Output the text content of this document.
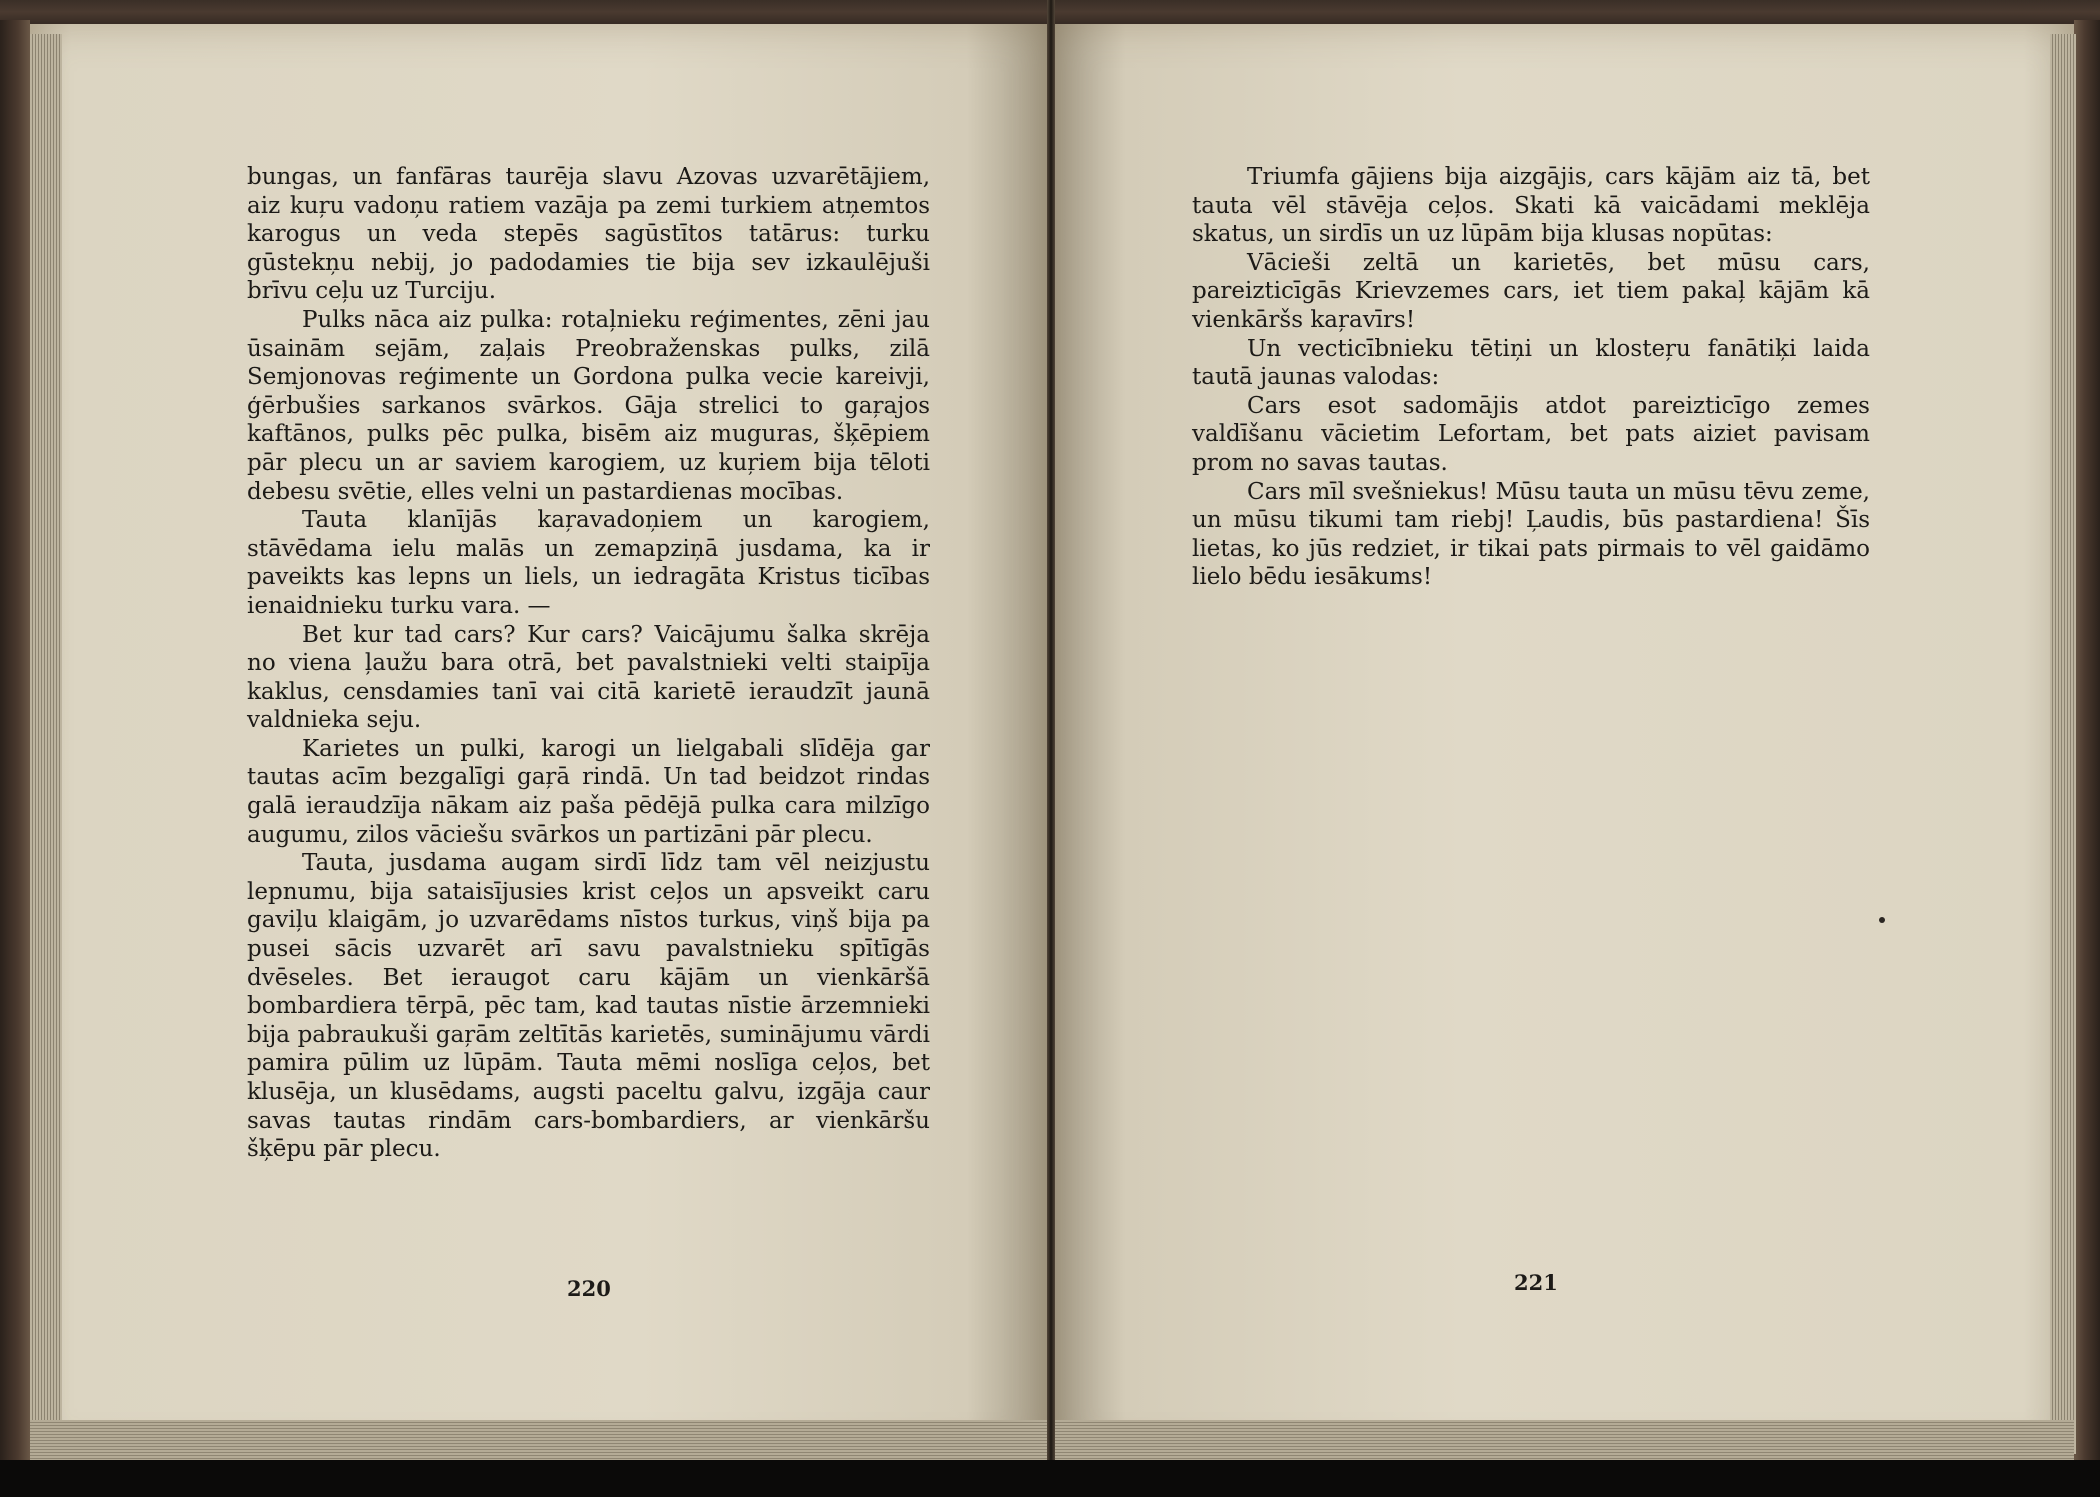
bungas, un fanfāras taurēja slavu Azovas uzvarētājiem, aiz kuŗu vadoņu ratiem vazāja pa zemi turkiem atņemtos karogus un veda stepēs sagūstītos tatārus: turku gūstekņu nebij, jo padodamies tie bija sev izkaulējuši brīvu ceļu uz Turciju.

Pulks nāca aiz pulka: rotaļnieku reģimentes, zēni jau ūsainām sejām, zaļais Preobraženskas pulks, zilā Semjonovas reģimente un Gordona pulka vecie kareivji, ģērbušies sarkanos svārkos. Gāja strelici to gaŗajos kaftānos, pulks pēc pulka, bisēm aiz muguras, šķēpiem pār plecu un ar saviem karogiem, uz kuŗiem bija tēloti debesu svētie, elles velni un pastardienas mocības.

Tauta klanījās kaŗavadoņiem un karogiem, stāvēdama ielu malās un zemapziņā jusdama, ka ir paveikts kas lepns un liels, un iedragāta Kristus ticības ienaidnieku turku vara. —

Bet kur tad cars? Kur cars? Vaicājumu šalka skrēja no viena ļaužu bara otrā, bet pavalstnieki velti staipīja kaklus, censdamies tanī vai citā karietē ieraudzīt jaunā valdnieka seju.

Karietes un pulki, karogi un lielgabali slīdēja gar tautas acīm bezgalīgi gaŗā rindā. Un tad beidzot rindas galā ieraudzīja nākam aiz paša pēdējā pulka cara milzīgo augumu, zilos vāciešu svārkos un partizāni pār plecu.

Tauta, jusdama augam sirdī līdz tam vēl neizjustu lepnumu, bija sataisījusies krist ceļos un apsveikt caru gaviļu klaigām, jo uzvarēdams nīstos turkus, viņš bija pa pusei sācis uzvarēt arī savu pavalstnieku spītīgās dvēseles. Bet ieraugot caru kājām un vienkāršā bombardiera tērpā, pēc tam, kad tautas nīstie ārzemnieki bija pabraukuši gaŗām zeltītās karietēs, suminājumu vārdi pamira pūlim uz lūpām. Tauta mēmi noslīga ceļos, bet klusēja, un klusēdams, augsti paceltu galvu, izgāja caur savas tautas rindām cars-bombardiers, ar vienkāršu šķēpu pār plecu.

220

Triumfa gājiens bija aizgājis, cars kājām aiz tā, bet tauta vēl stāvēja ceļos. Skati kā vaicādami meklēja skatus, un sirdīs un uz lūpām bija klusas nopūtas:

Vācieši zeltā un karietēs, bet mūsu cars, pareizticīgās Krievzemes cars, iet tiem pakaļ kājām kā vienkāršs kaŗavīrs!

Un vecticībnieku tētiņi un klosteŗu fanātiķi laida tautā jaunas valodas:

Cars esot sadomājis atdot pareizticīgo zemes valdīšanu vācietim Lefortam, bet pats aiziet pavisam prom no savas tautas.

Cars mīl svešniekus! Mūsu tauta un mūsu tēvu zeme, un mūsu tikumi tam riebj! Ļaudis, būs pastardiena! Šīs lietas, ko jūs redziet, ir tikai pats pirmais to vēl gaidāmo lielo bēdu iesākums!

221
